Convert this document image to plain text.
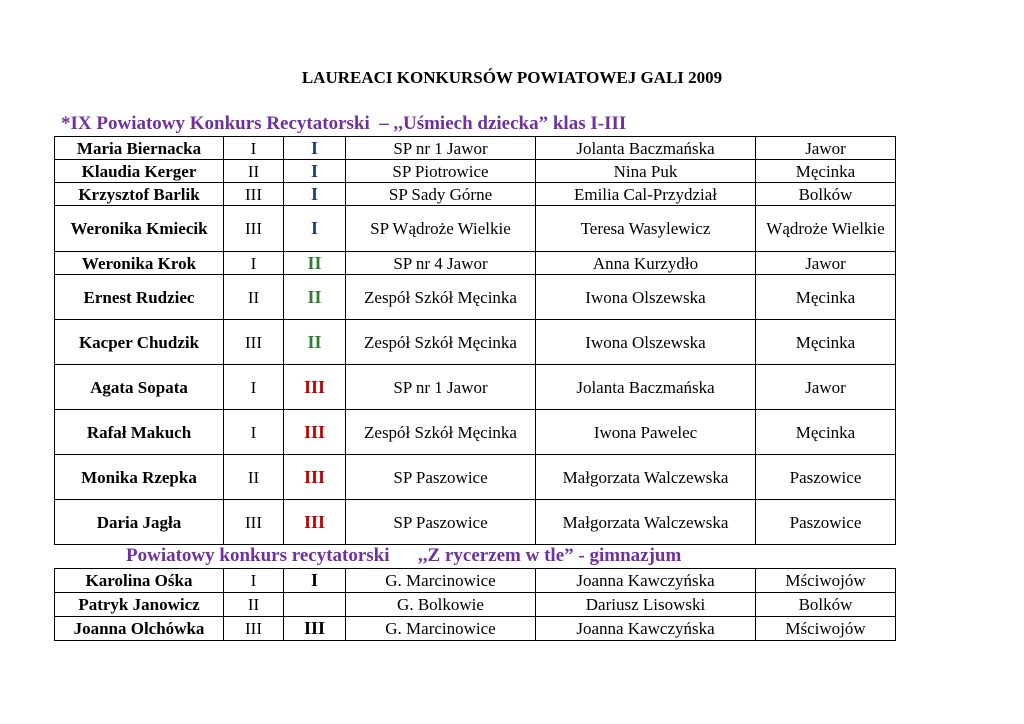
LAUREACI KONKURSÓW POWIATOWEJ GALI 2009
*IX Powiatowy Konkurs Recytatorski  – ,,Uśmiech dziecka” klas I-III
Maria Biernacka	I	I	SP nr 1 Jawor	Jolanta Baczmańska	Jawor
Klaudia Kerger	II	I	SP Piotrowice	Nina Puk	Męcinka
Krzysztof Barlik	III	I	SP Sady Górne	Emilia Cal-Przydział	Bolków
Weronika Kmiecik	III	I	SP Wądroże Wielkie	Teresa Wasylewicz	Wądroże Wielkie
Weronika Krok	I	II	SP nr 4 Jawor	Anna Kurzydło	Jawor
Ernest Rudziec	II	II	Zespół Szkół Męcinka	Iwona Olszewska	Męcinka
Kacper Chudzik	III	II	Zespół Szkół Męcinka	Iwona Olszewska	Męcinka
Agata Sopata	I	III	SP nr 1 Jawor	Jolanta Baczmańska	Jawor
Rafał Makuch	I	III	Zespół Szkół Męcinka	Iwona Pawelec	Męcinka
Monika Rzepka	II	III	SP Paszowice	Małgorzata Walczewska	Paszowice
Daria Jagła	III	III	SP Paszowice	Małgorzata Walczewska	Paszowice
Powiatowy konkurs recytatorski      ,,Z rycerzem w tle” - gimnazjum
Karolina Ośka	I	I	G. Marcinowice	Joanna Kawczyńska	Mściwojów
Patryk Janowicz	II		G. Bolkowie	Dariusz Lisowski	Bolków
Joanna Olchówka	III	III	G. Marcinowice	Joanna Kawczyńska	Mściwojów
